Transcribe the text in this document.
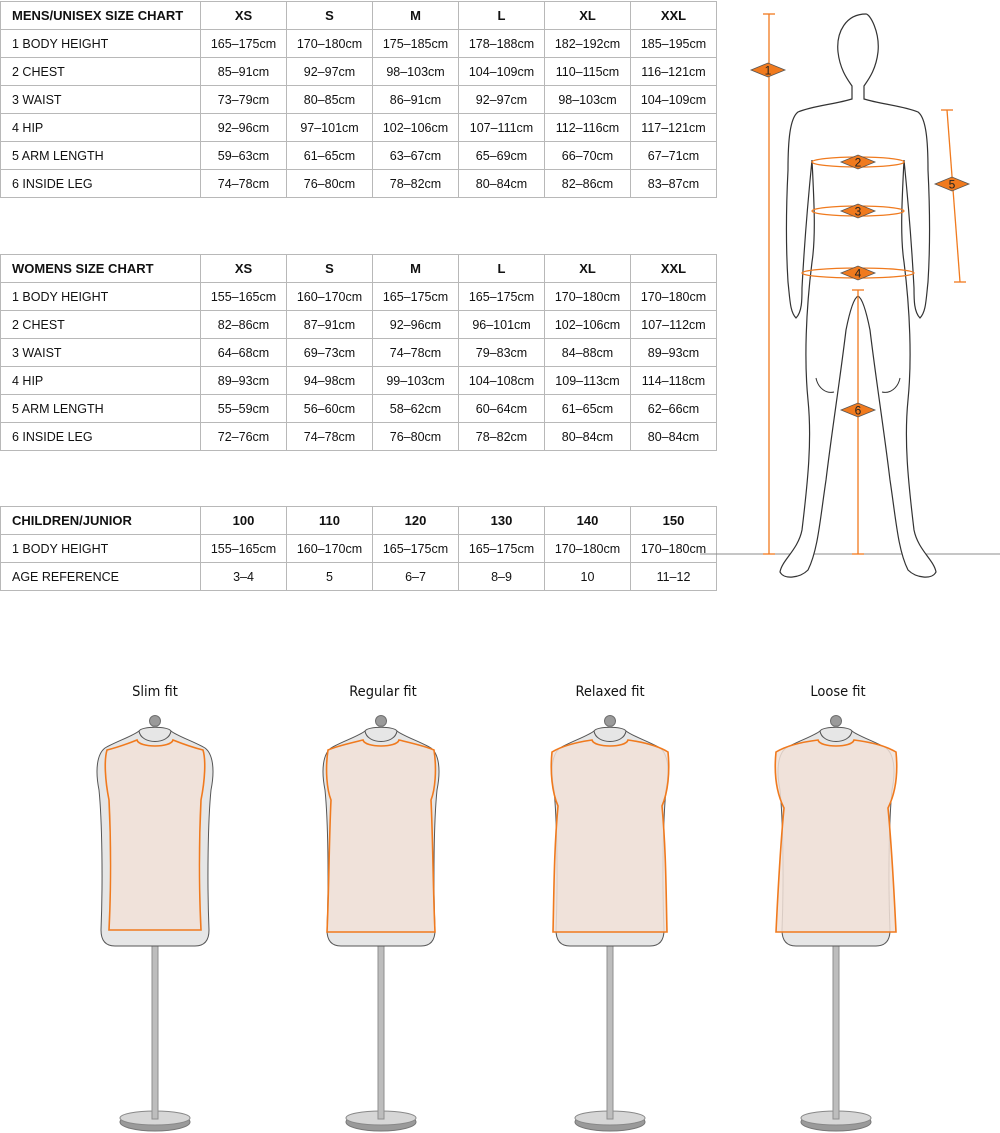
MENS/UNISEX SIZE CHART	XS	S	M	L	XL	XXL
1 BODY HEIGHT	165–175cm	170–180cm	175–185cm	178–188cm	182–192cm	185–195cm
2 CHEST	85–91cm	92–97cm	98–103cm	104–109cm	110–115cm	116–121cm
3 WAIST	73–79cm	80–85cm	86–91cm	92–97cm	98–103cm	104–109cm
4 HIP	92–96cm	97–101cm	102–106cm	107–111cm	112–116cm	117–121cm
5 ARM LENGTH	59–63cm	61–65cm	63–67cm	65–69cm	66–70cm	67–71cm
6 INSIDE LEG	74–78cm	76–80cm	78–82cm	80–84cm	82–86cm	83–87cm
WOMENS SIZE CHART	XS	S	M	L	XL	XXL
1 BODY HEIGHT	155–165cm	160–170cm	165–175cm	165–175cm	170–180cm	170–180cm
2 CHEST	82–86cm	87–91cm	92–96cm	96–101cm	102–106cm	107–112cm
3 WAIST	64–68cm	69–73cm	74–78cm	79–83cm	84–88cm	89–93cm
4 HIP	89–93cm	94–98cm	99–103cm	104–108cm	109–113cm	114–118cm
5 ARM LENGTH	55–59cm	56–60cm	58–62cm	60–64cm	61–65cm	62–66cm
6 INSIDE LEG	72–76cm	74–78cm	76–80cm	78–82cm	80–84cm	80–84cm
CHILDREN/JUNIOR	100	110	120	130	140	150
1 BODY HEIGHT	155–165cm	160–170cm	165–175cm	165–175cm	170–180cm	170–180cm
AGE REFERENCE	3–4	5	6–7	8–9	10	11–12
1
2
3
4
5
6
Slim fit	Regular fit	Relaxed fit	Loose fit
